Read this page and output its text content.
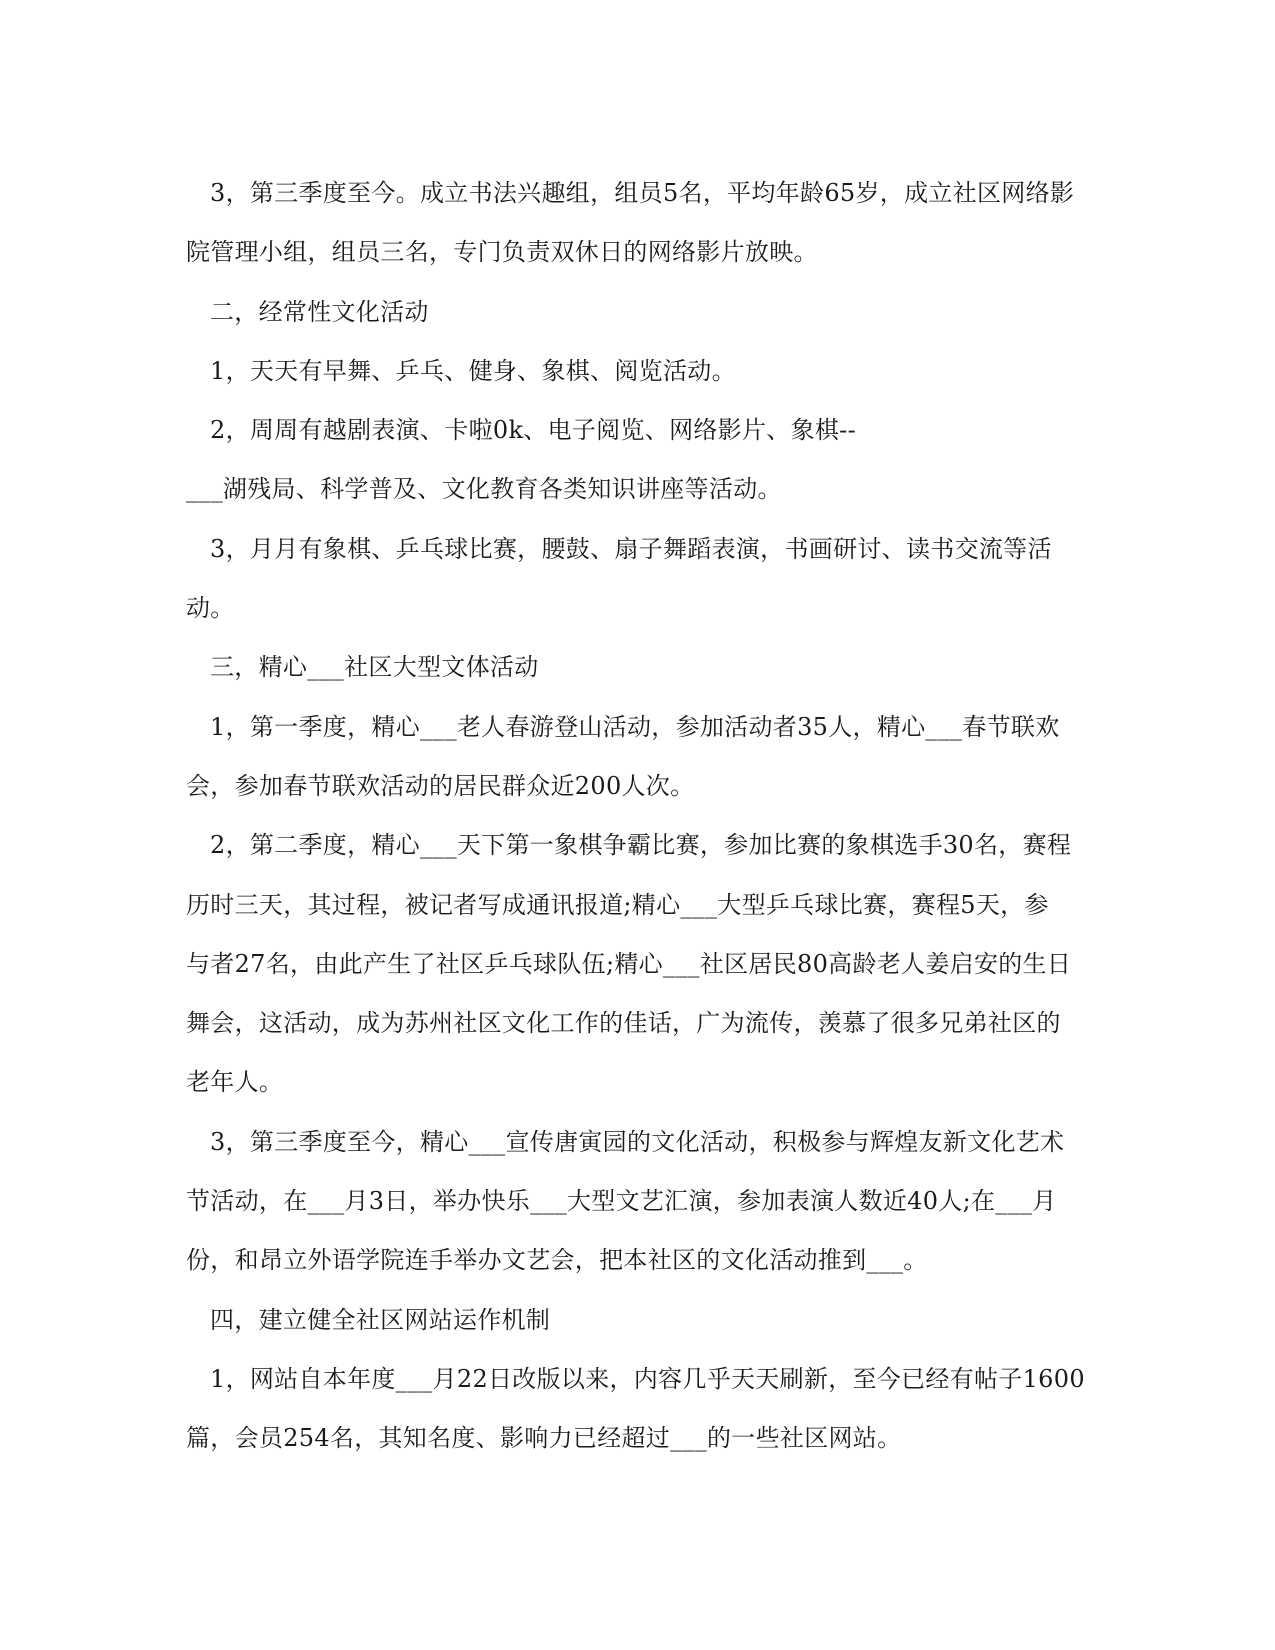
3，第三季度至今。成立书法兴趣组，组员5名，平均年龄65岁，成立社区网络影
院管理小组，组员三名，专门负责双休日的网络影片放映。
二，经常性文化活动
1，天天有早舞、乒乓、健身、象棋、阅览活动。
2，周周有越剧表演、卡啦0k、电子阅览、网络影片、象棋--
___湖残局、科学普及、文化教育各类知识讲座等活动。
3，月月有象棋、乒乓球比赛，腰鼓、扇子舞蹈表演，书画研讨、读书交流等活
动。
三，精心___社区大型文体活动
1，第一季度，精心___老人春游登山活动，参加活动者35人，精心___春节联欢
会，参加春节联欢活动的居民群众近200人次。
2，第二季度，精心___天下第一象棋争霸比赛，参加比赛的象棋选手30名，赛程
历时三天，其过程，被记者写成通讯报道;精心___大型乒乓球比赛，赛程5天，参
与者27名，由此产生了社区乒乓球队伍;精心___社区居民80高龄老人姜启安的生日
舞会，这活动，成为苏州社区文化工作的佳话，广为流传，羡慕了很多兄弟社区的
老年人。
3，第三季度至今，精心___宣传唐寅园的文化活动，积极参与辉煌友新文化艺术
节活动，在___月3日，举办快乐___大型文艺汇演，参加表演人数近40人;在___月
份，和昂立外语学院连手举办文艺会，把本社区的文化活动推到___。
四，建立健全社区网站运作机制
1，网站自本年度___月22日改版以来，内容几乎天天刷新，至今已经有帖子1600
篇，会员254名，其知名度、影响力已经超过___的一些社区网站。
